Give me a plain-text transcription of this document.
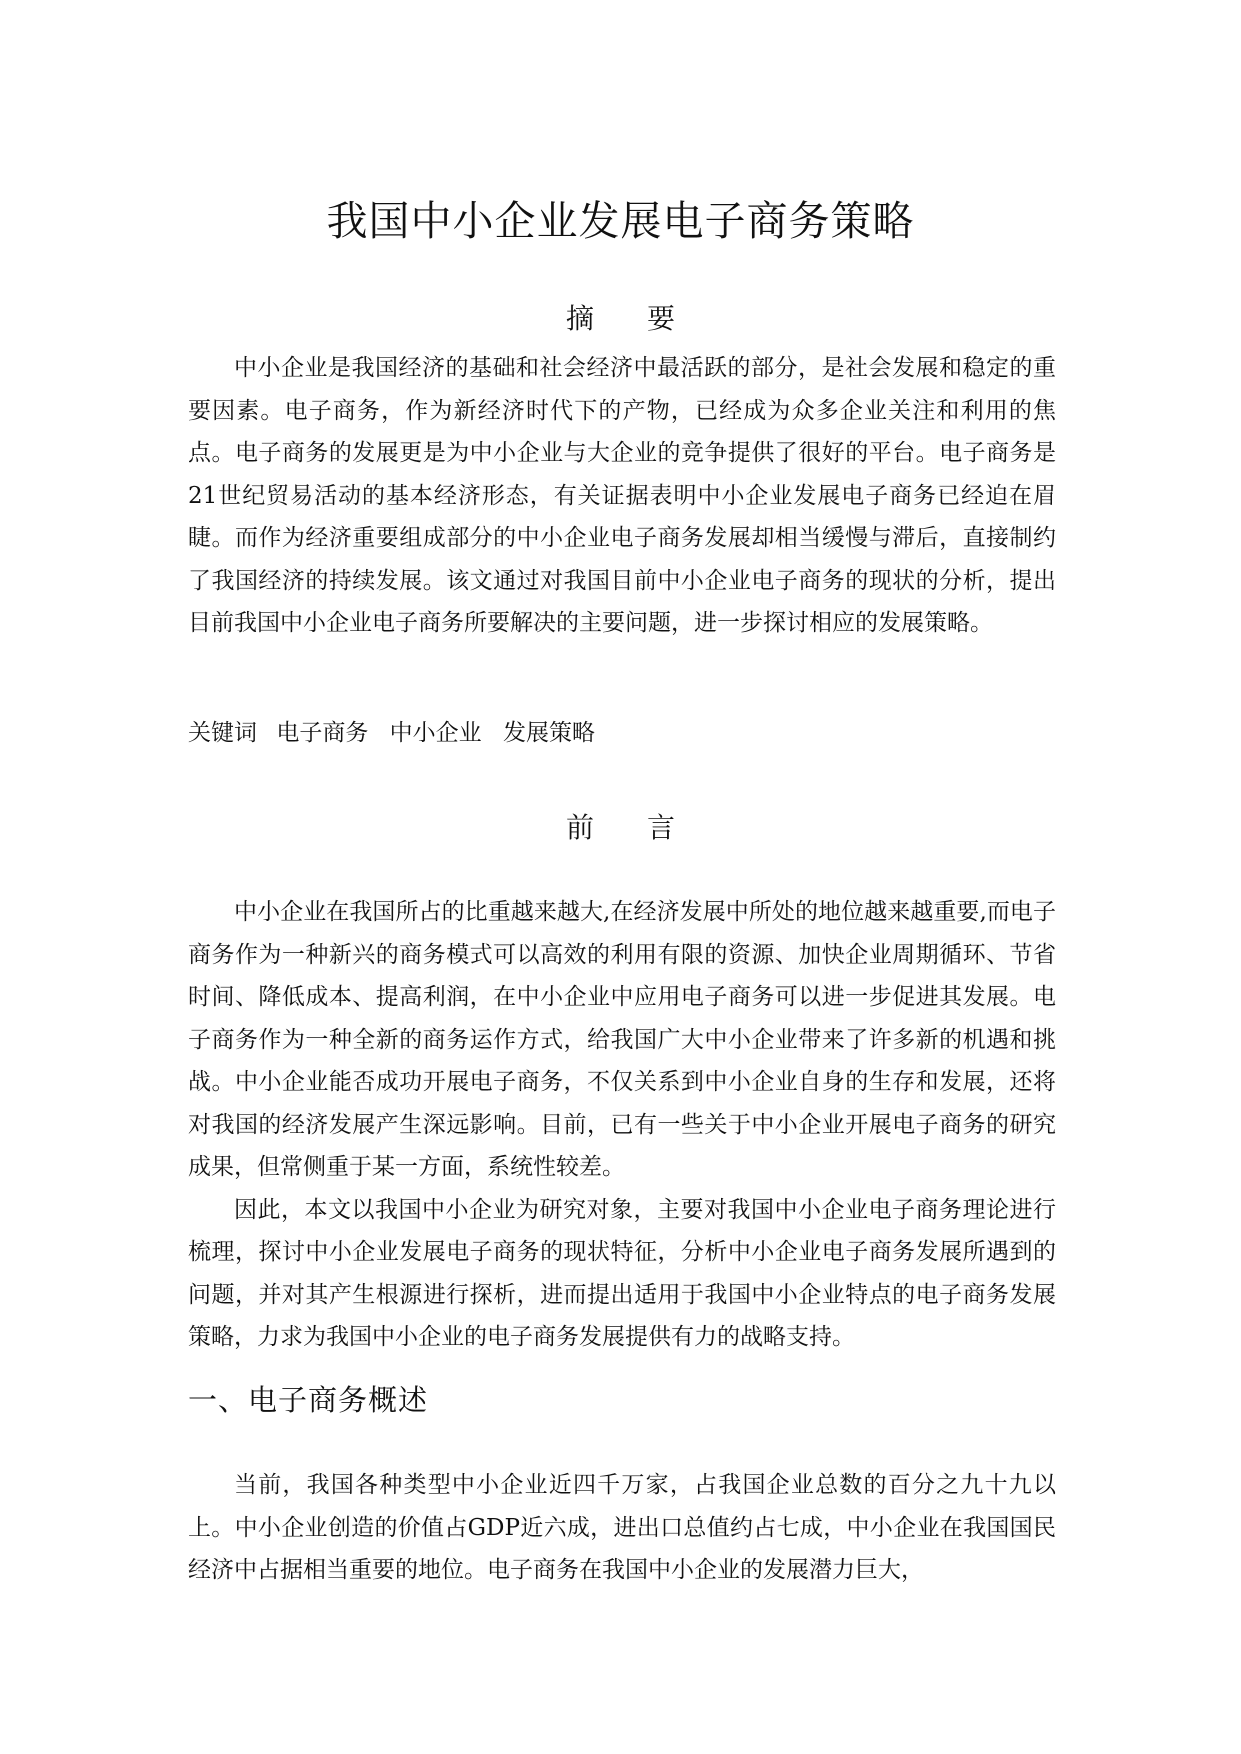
我国中小企业发展电子商务策略
摘 要

中小企业是我国经济的基础和社会经济中最活跃的部分，是社会发展和稳定的重要因素。电子商务，作为新经济时代下的产物，已经成为众多企业关注和利用的焦点。电子商务的发展更是为中小企业与大企业的竞争提供了很好的平台。电子商务是21世纪贸易活动的基本经济形态，有关证据表明中小企业发展电子商务已经迫在眉睫。而作为经济重要组成部分的中小企业电子商务发展却相当缓慢与滞后，直接制约了我国经济的持续发展。该文通过对我国目前中小企业电子商务的现状的分析，提出目前我国中小企业电子商务所要解决的主要问题，进一步探讨相应的发展策略。

关键词 电子商务 中小企业 发展策略
前 言

中小企业在我国所占的比重越来越大,在经济发展中所处的地位越来越重要,而电子商务作为一种新兴的商务模式可以高效的利用有限的资源、加快企业周期循环、节省时间、降低成本、提高利润，在中小企业中应用电子商务可以进一步促进其发展。电子商务作为一种全新的商务运作方式，给我国广大中小企业带来了许多新的机遇和挑战。中小企业能否成功开展电子商务，不仅关系到中小企业自身的生存和发展，还将对我国的经济发展产生深远影响。目前，已有一些关于中小企业开展电子商务的研究成果，但常侧重于某一方面，系统性较差。

因此，本文以我国中小企业为研究对象，主要对我国中小企业电子商务理论进行梳理，探讨中小企业发展电子商务的现状特征，分析中小企业电子商务发展所遇到的问题，并对其产生根源进行探析，进而提出适用于我国中小企业特点的电子商务发展策略，力求为我国中小企业的电子商务发展提供有力的战略支持。

一、电子商务概述

当前，我国各种类型中小企业近四千万家，占我国企业总数的百分之九十九以上。中小企业创造的价值占GDP近六成，进出口总值约占七成，中小企业在我国国民经济中占据相当重要的地位。电子商务在我国中小企业的发展潜力巨大，
